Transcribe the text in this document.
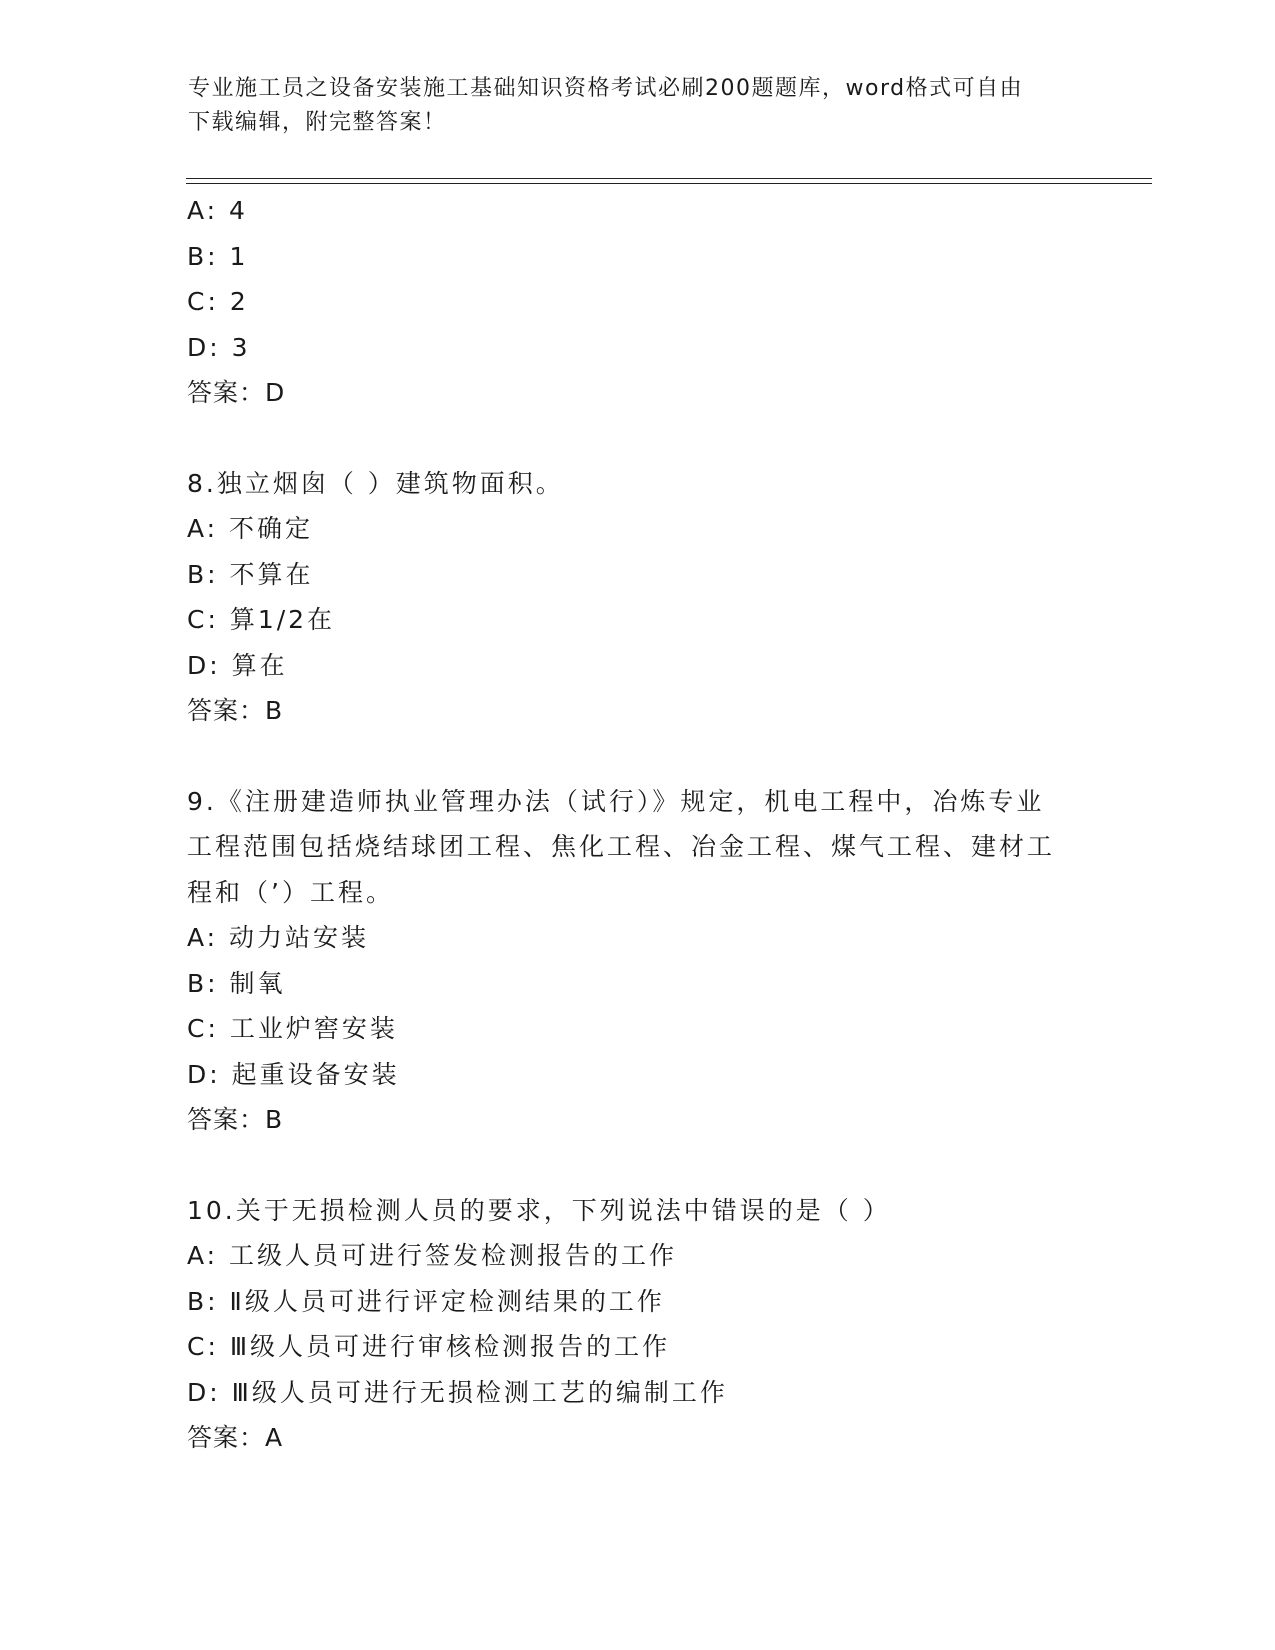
专业施工员之设备安装施工基础知识资格考试必刷200题题库，word格式可自由
下载编辑，附完整答案！
A: 4
B: 1
C: 2
D: 3
答案：D
8.独立烟囱（ ）建筑物面积。
A: 不确定
B: 不算在
C: 算1/2在
D: 算在
答案：B
9.《注册建造师执业管理办法（试行）》规定，机电工程中，冶炼专业工程范围包括烧结球团工程、焦化工程、冶金工程、煤气工程、建材工程和（’）工程。
A: 动力站安装
B: 制氧
C: 工业炉窖安装
D: 起重设备安装
答案：B
10.关于无损检测人员的要求，下列说法中错误的是（ ）
A: 工级人员可进行签发检测报告的工作
B: Ⅱ级人员可进行评定检测结果的工作
C: Ⅲ级人员可进行审核检测报告的工作
D: Ⅲ级人员可进行无损检测工艺的编制工作
答案：A
